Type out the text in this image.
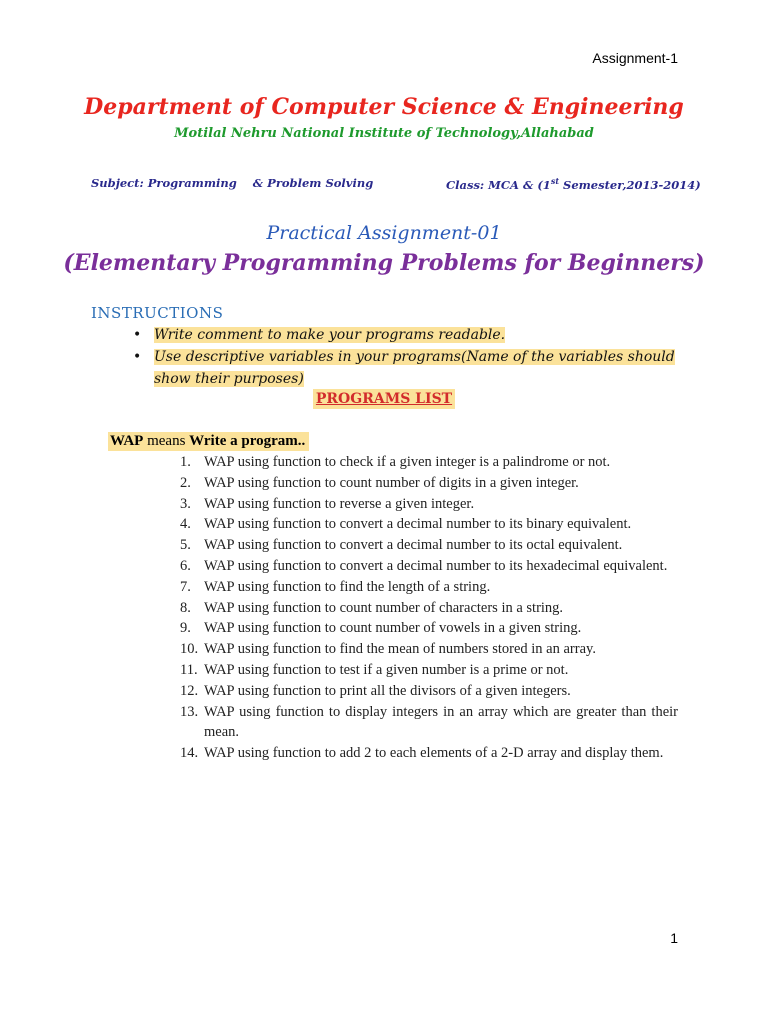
Assignment-1
Department of Computer Science & Engineering
Motilal Nehru National Institute of Technology,Allahabad
Subject: Programming & Problem Solving	Class: MCA & (1st Semester,2013-2014)
Practical Assignment-01
(Elementary Programming Problems for Beginners)
INSTRUCTIONS
• Write comment to make your programs readable.
• Use descriptive variables in your programs(Name of the variables should show their purposes)
PROGRAMS LIST
WAP means Write a program..
1. WAP using function to check if a given integer is a palindrome or not.
2. WAP using function to count number of digits in a given integer.
3. WAP using function to reverse a given integer.
4. WAP using function to convert a decimal number to its binary equivalent.
5. WAP using function to convert a decimal number to its octal equivalent.
6. WAP using function to convert a decimal number to its hexadecimal equivalent.
7. WAP using function to find the length of a string.
8. WAP using function to count number of characters in a string.
9. WAP using function to count number of vowels in a given string.
10. WAP using function to find the mean of numbers stored in an array.
11. WAP using function to test if a given number is a prime or not.
12. WAP using function to print all the divisors of a given integers.
13. WAP using function to display integers in an array which are greater than their mean.
14. WAP using function to add 2 to each elements of a 2-D array and display them.
1
